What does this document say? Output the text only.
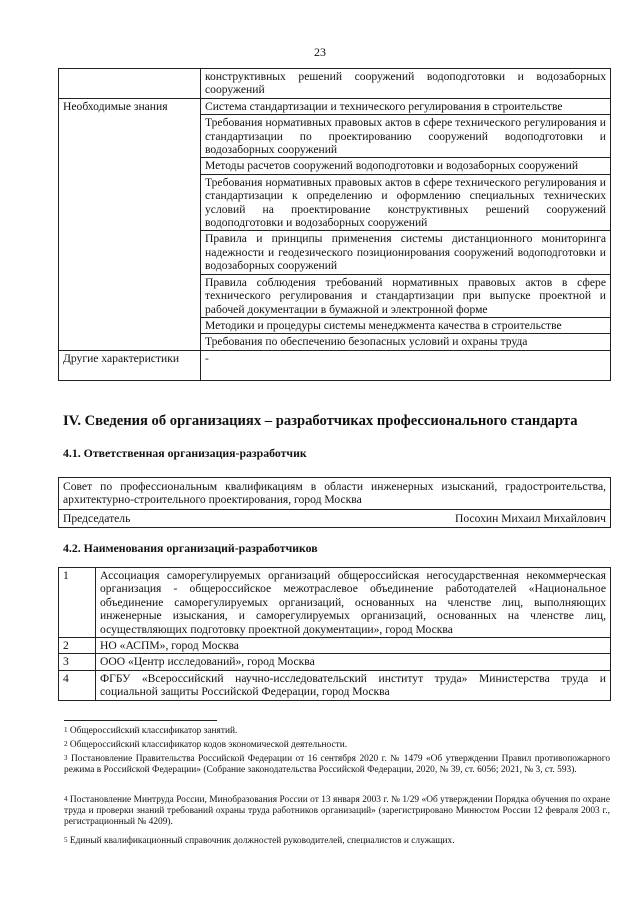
23
	конструктивных решений сооружений водоподготовки и водозаборных сооружений
Необходимые знания	Система стандартизации и технического регулирования в строительстве
	Требования нормативных правовых актов в сфере технического регулирования и стандартизации по проектированию сооружений водоподготовки и водозаборных сооружений
	Методы расчетов сооружений водоподготовки и водозаборных сооружений
	Требования нормативных правовых актов в сфере технического регулирования и стандартизации к определению и оформлению специальных технических условий на проектирование конструктивных решений сооружений водоподготовки и водозаборных сооружений
	Правила и принципы применения системы дистанционного мониторинга надежности и геодезического позиционирования сооружений водоподготовки и водозаборных сооружений
	Правила соблюдения требований нормативных правовых актов в сфере технического регулирования и стандартизации при выпуске проектной и рабочей документации в бумажной и электронной форме
	Методики и процедуры системы менеджмента качества в строительстве
	Требования по обеспечению безопасных условий и охраны труда
Другие характеристики	-
IV. Сведения об организациях – разработчиках профессионального стандарта
4.1. Ответственная организация-разработчик
Совет по профессиональным квалификациям в области инженерных изысканий, градостроительства, архитектурно-строительного проектирования, город Москва

Председатель	Посохин Михаил Михайлович
4.2. Наименования организаций-разработчиков
1	Ассоциация саморегулируемых организаций общероссийская негосударственная некоммерческая организация - общероссийское межотраслевое объединение работодателей «Национальное объединение саморегулируемых организаций, основанных на членстве лиц, выполняющих инженерные изыскания, и саморегулируемых организаций, основанных на членстве лиц, осуществляющих подготовку проектной документации», город Москва
2	НО «АСПМ», город Москва
3	ООО «Центр исследований», город Москва
4	ФГБУ «Всероссийский научно-исследовательский институт труда» Министерства труда и социальной защиты Российской Федерации, город Москва
$^1$ Общероссийский классификатор занятий.
$^2$ Общероссийский классификатор кодов экономической деятельности.
$^3$ Постановление Правительства Российской Федерации от 16 сентября 2020 г. № 1479 «Об утверждении Правил противопожарного режима в Российской Федерации» (Собрание законодательства Российской Федерации, 2020, № 39, ст. 6056; 2021, № 3, ст. 593).
$^4$ Постановление Минтруда России, Минобразования России от 13 января 2003 г. № 1/29 «Об утверждении Порядка обучения по охране труда и проверки знаний требований охраны труда работников организаций» (зарегистрировано Минюстом России 12 февраля 2003 г., регистрационный № 4209).
$^5$ Единый квалификационный справочник должностей руководителей, специалистов и служащих.
